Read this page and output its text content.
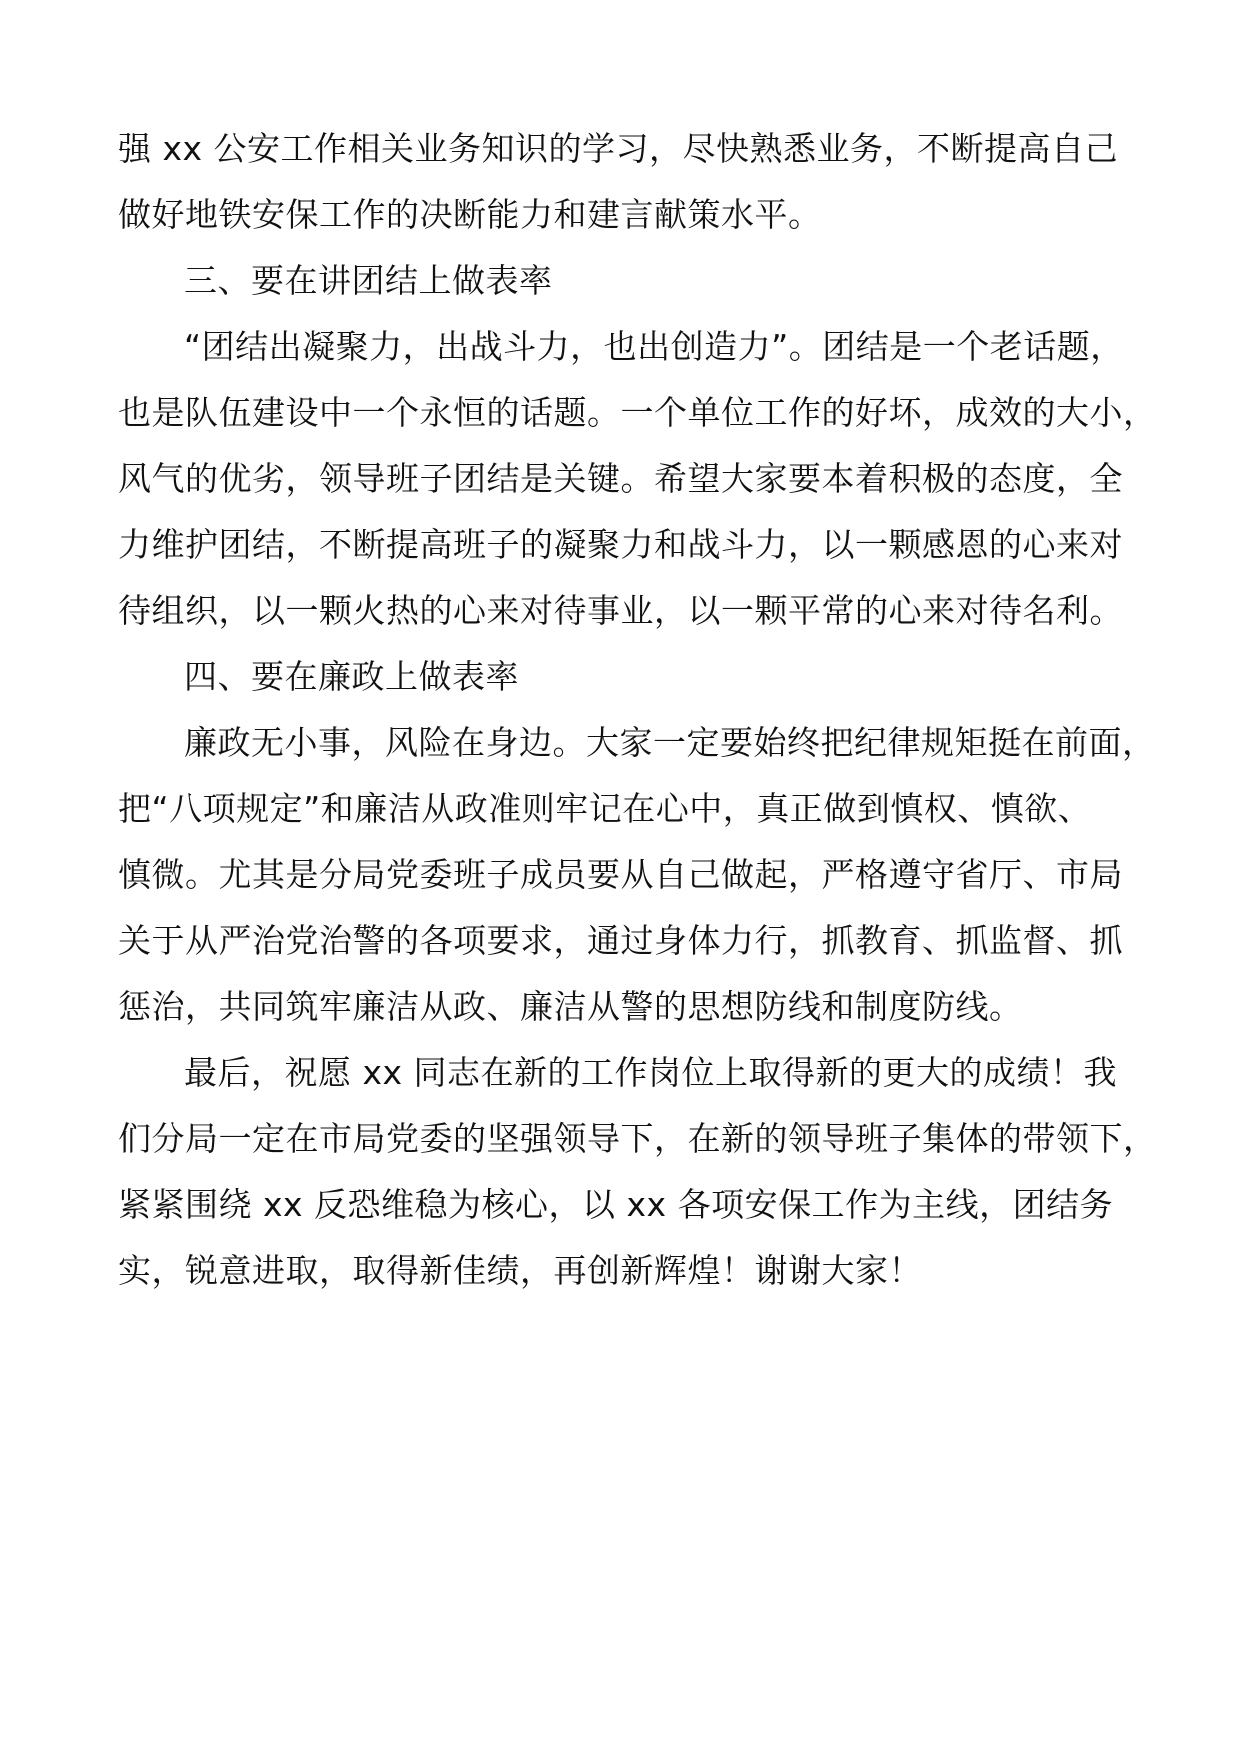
强 xx 公安工作相关业务知识的学习，尽快熟悉业务，不断提高自己
做好地铁安保工作的决断能力和建言献策水平。
三、要在讲团结上做表率
“团结出凝聚力，出战斗力，也出创造力”。团结是一个老话题，
也是队伍建设中一个永恒的话题。一个单位工作的好坏，成效的大小，
风气的优劣，领导班子团结是关键。希望大家要本着积极的态度，全
力维护团结，不断提高班子的凝聚力和战斗力，以一颗感恩的心来对
待组织，以一颗火热的心来对待事业，以一颗平常的心来对待名利。
四、要在廉政上做表率
廉政无小事，风险在身边。大家一定要始终把纪律规矩挺在前面，
把“八项规定”和廉洁从政准则牢记在心中，真正做到慎权、慎欲、
慎微。尤其是分局党委班子成员要从自己做起，严格遵守省厅、市局
关于从严治党治警的各项要求，通过身体力行，抓教育、抓监督、抓
惩治，共同筑牢廉洁从政、廉洁从警的思想防线和制度防线。
最后，祝愿 xx 同志在新的工作岗位上取得新的更大的成绩！我
们分局一定在市局党委的坚强领导下，在新的领导班子集体的带领下，
紧紧围绕 xx 反恐维稳为核心，以 xx 各项安保工作为主线，团结务
实，锐意进取，取得新佳绩，再创新辉煌！谢谢大家！
